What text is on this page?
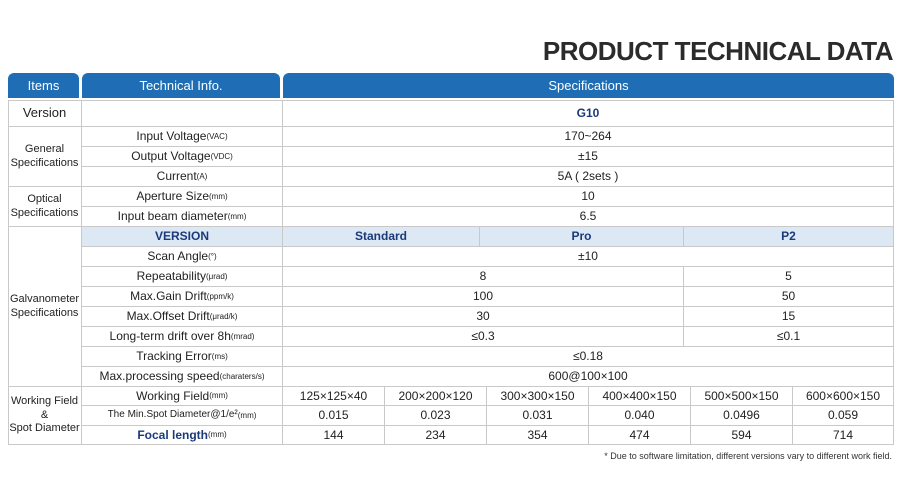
PRODUCT TECHNICAL DATA
Items	Technical Info.	Specifications
Version	G10
General Specifications
Input Voltage (VAC)	170~264
Output Voltage (VDC)	±15
Current (A)	5A ( 2sets )
Optical Specifications
Aperture Size (mm)	10
Input beam diameter (mm)	6.5
Galvanometer Specifications
VERSION	Standard	Pro	P2
Scan Angle (°)	±10
Repeatability (μrad)	8	5
Max.Gain Drift (ppm/k)	100	50
Max.Offset Drift (μrad/k)	30	15
Long-term drift over 8h (mrad)	≤0.3	≤0.1
Tracking Error (ms)	≤0.18
Max.processing speed (charaters/s)	600@100×100
Working Field
&
Spot Diameter
Working Field (mm)	125×125×40	200×200×120	300×300×150	400×400×150	500×500×150	600×600×150
The Min.Spot Diameter@1/e² (mm)	0.015	0.023	0.031	0.040	0.0496	0.059
Focal length (mm)	144	234	354	474	594	714
* Due to software limitation, different versions vary to different work field.
